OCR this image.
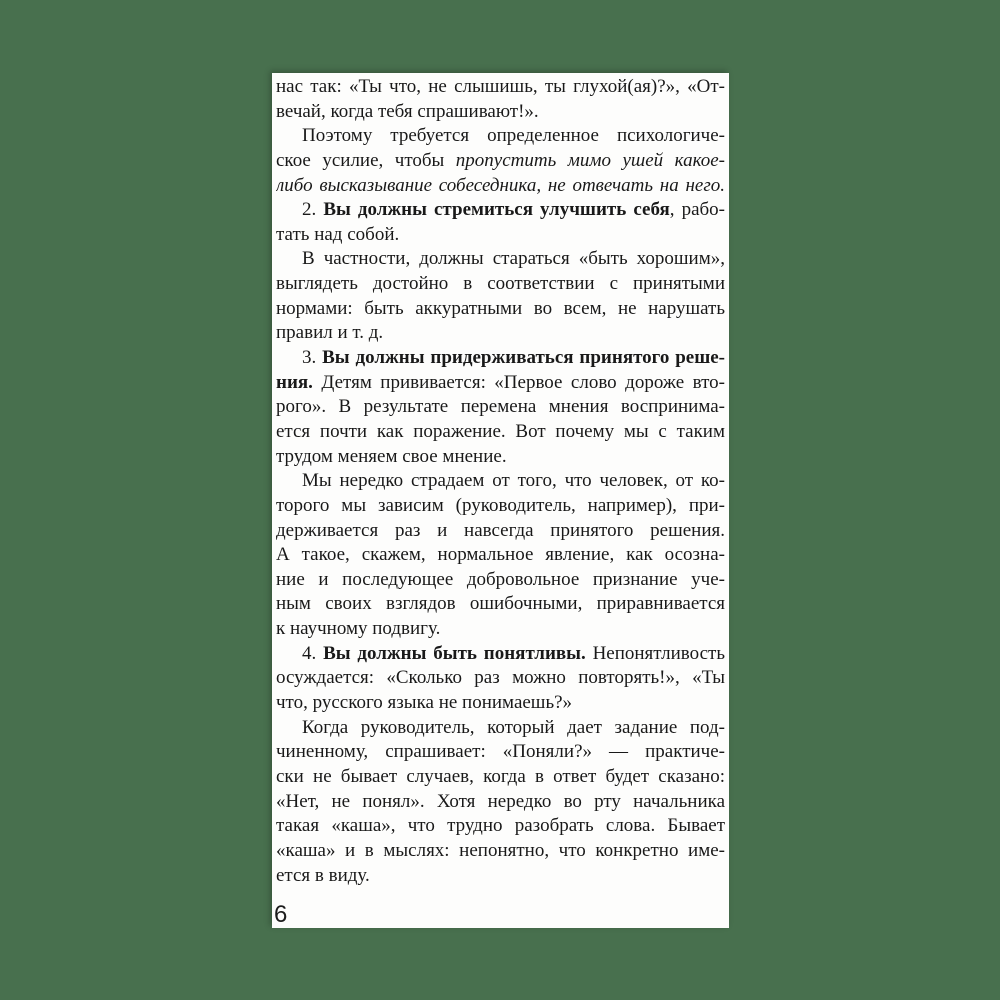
нас так: «Ты что, не слышишь, ты глухой(ая)?», «От-
вечай, когда тебя спрашивают!».
Поэтому требуется определенное психологиче-
ское усилие, чтобы пропустить мимо ушей какое-
либо высказывание собеседника, не отвечать на него.
2. Вы должны стремиться улучшить себя, рабо-
тать над собой.
В частности, должны стараться «быть хорошим»,
выглядеть достойно в соответствии с принятыми
нормами: быть аккуратными во всем, не нарушать
правил и т. д.
3. Вы должны придерживаться принятого реше-
ния. Детям прививается: «Первое слово дороже вто-
рого». В результате перемена мнения воспринима-
ется почти как поражение. Вот почему мы с таким
трудом меняем свое мнение.
Мы нередко страдаем от того, что человек, от ко-
торого мы зависим (руководитель, например), при-
держивается раз и навсегда принятого решения.
А такое, скажем, нормальное явление, как осозна-
ние и последующее добровольное признание уче-
ным своих взглядов ошибочными, приравнивается
к научному подвигу.
4. Вы должны быть понятливы. Непонятливость
осуждается: «Сколько раз можно повторять!», «Ты
что, русского языка не понимаешь?»
Когда руководитель, который дает задание под-
чиненному, спрашивает: «Поняли?» — практиче-
ски не бывает случаев, когда в ответ будет сказано:
«Нет, не понял». Хотя нередко во рту начальника
такая «каша», что трудно разобрать слова. Бывает
«каша» и в мыслях: непонятно, что конкретно име-
ется в виду.
6
